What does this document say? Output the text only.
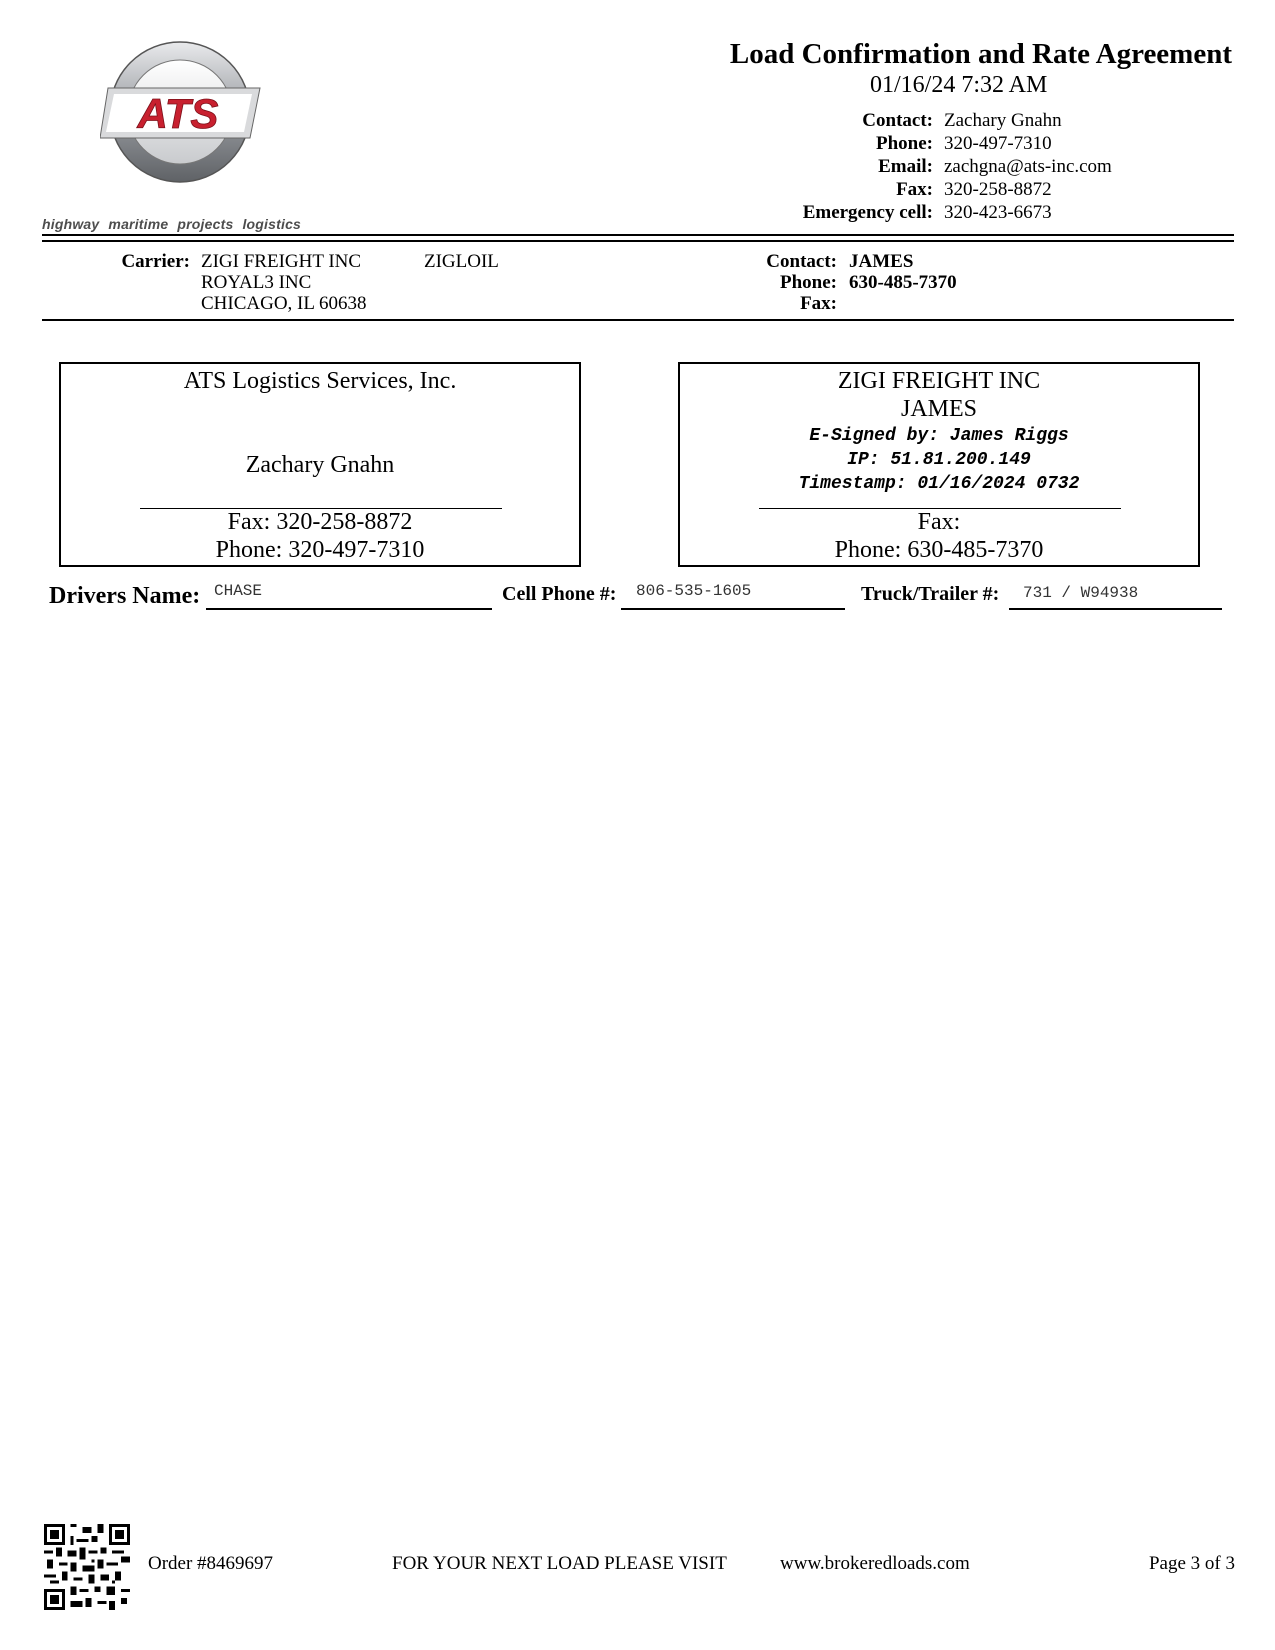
ATS
highway maritime projects logistics
Load Confirmation and Rate Agreement
01/16/24 7:32 AM
Contact: Zachary Gnahn
Phone: 320-497-7310
Email: zachgna@ats-inc.com
Fax: 320-258-8872
Emergency cell: 320-423-6673
Carrier: ZIGI FREIGHT INC	ZIGLOIL
ROYAL3 INC
CHICAGO, IL 60638
Contact: JAMES
Phone: 630-485-7370
Fax:
ATS Logistics Services, Inc.
Zachary Gnahn
Fax: 320-258-8872
Phone: 320-497-7310
ZIGI FREIGHT INC
JAMES
E-Signed by: James Riggs
IP: 51.81.200.149
Timestamp: 01/16/2024 0732
Fax:
Phone: 630-485-7370
Drivers Name: CHASE	Cell Phone #: 806-535-1605	Truck/Trailer #: 731 / W94938
Order #8469697	FOR YOUR NEXT LOAD PLEASE VISIT	www.brokeredloads.com	Page 3 of 3
